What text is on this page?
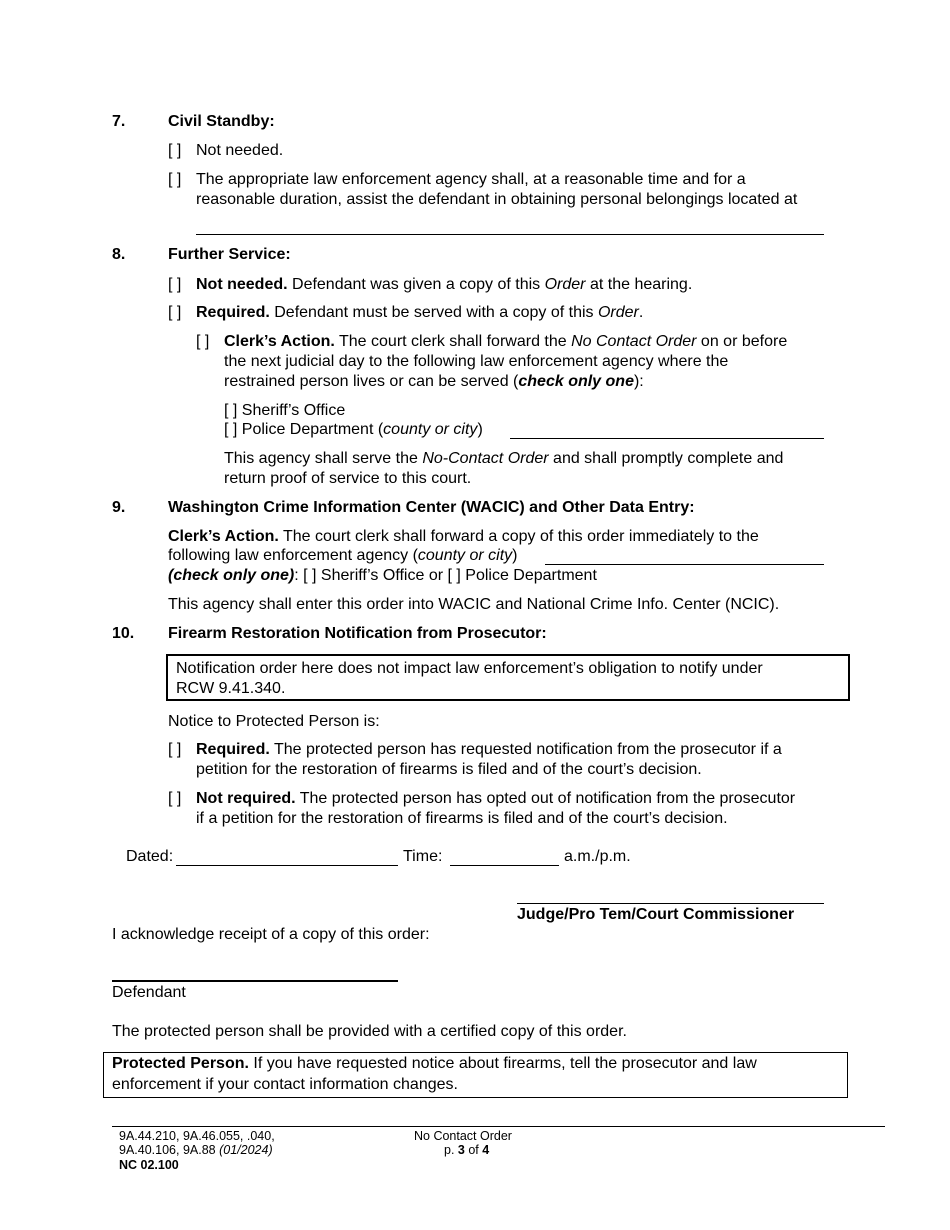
7.	Civil Standby:
[ ] Not needed.
[ ] The appropriate law enforcement agency shall, at a reasonable time and for a
reasonable duration, assist the defendant in obtaining personal belongings located at
8.	Further Service:
[ ] Not needed. Defendant was given a copy of this Order at the hearing.
[ ] Required. Defendant must be served with a copy of this Order.
[ ] Clerk’s Action. The court clerk shall forward the No Contact Order on or before
the next judicial day to the following law enforcement agency where the
restrained person lives or can be served (check only one):
[ ] Sheriff’s Office
[ ] Police Department (county or city)
This agency shall serve the No-Contact Order and shall promptly complete and
return proof of service to this court.
9.	Washington Crime Information Center (WACIC) and Other Data Entry:
Clerk’s Action. The court clerk shall forward a copy of this order immediately to the
following law enforcement agency (county or city)
(check only one): [ ] Sheriff’s Office or [ ] Police Department
This agency shall enter this order into WACIC and National Crime Info. Center (NCIC).
10. Firearm Restoration Notification from Prosecutor:
Notification order here does not impact law enforcement’s obligation to notify under
RCW 9.41.340.
Notice to Protected Person is:
[ ] Required. The protected person has requested notification from the prosecutor if a
petition for the restoration of firearms is filed and of the court’s decision.
[ ] Not required. The protected person has opted out of notification from the prosecutor
if a petition for the restoration of firearms is filed and of the court’s decision.
Dated:	Time:	a.m./p.m.
Judge/Pro Tem/Court Commissioner
I acknowledge receipt of a copy of this order:
Defendant
The protected person shall be provided with a certified copy of this order.
Protected Person. If you have requested notice about firearms, tell the prosecutor and law
enforcement if your contact information changes.
9A.44.210, 9A.46.055, .040,
9A.40.106, 9A.88 (01/2024)
NC 02.100
No Contact Order
p. 3 of 4
